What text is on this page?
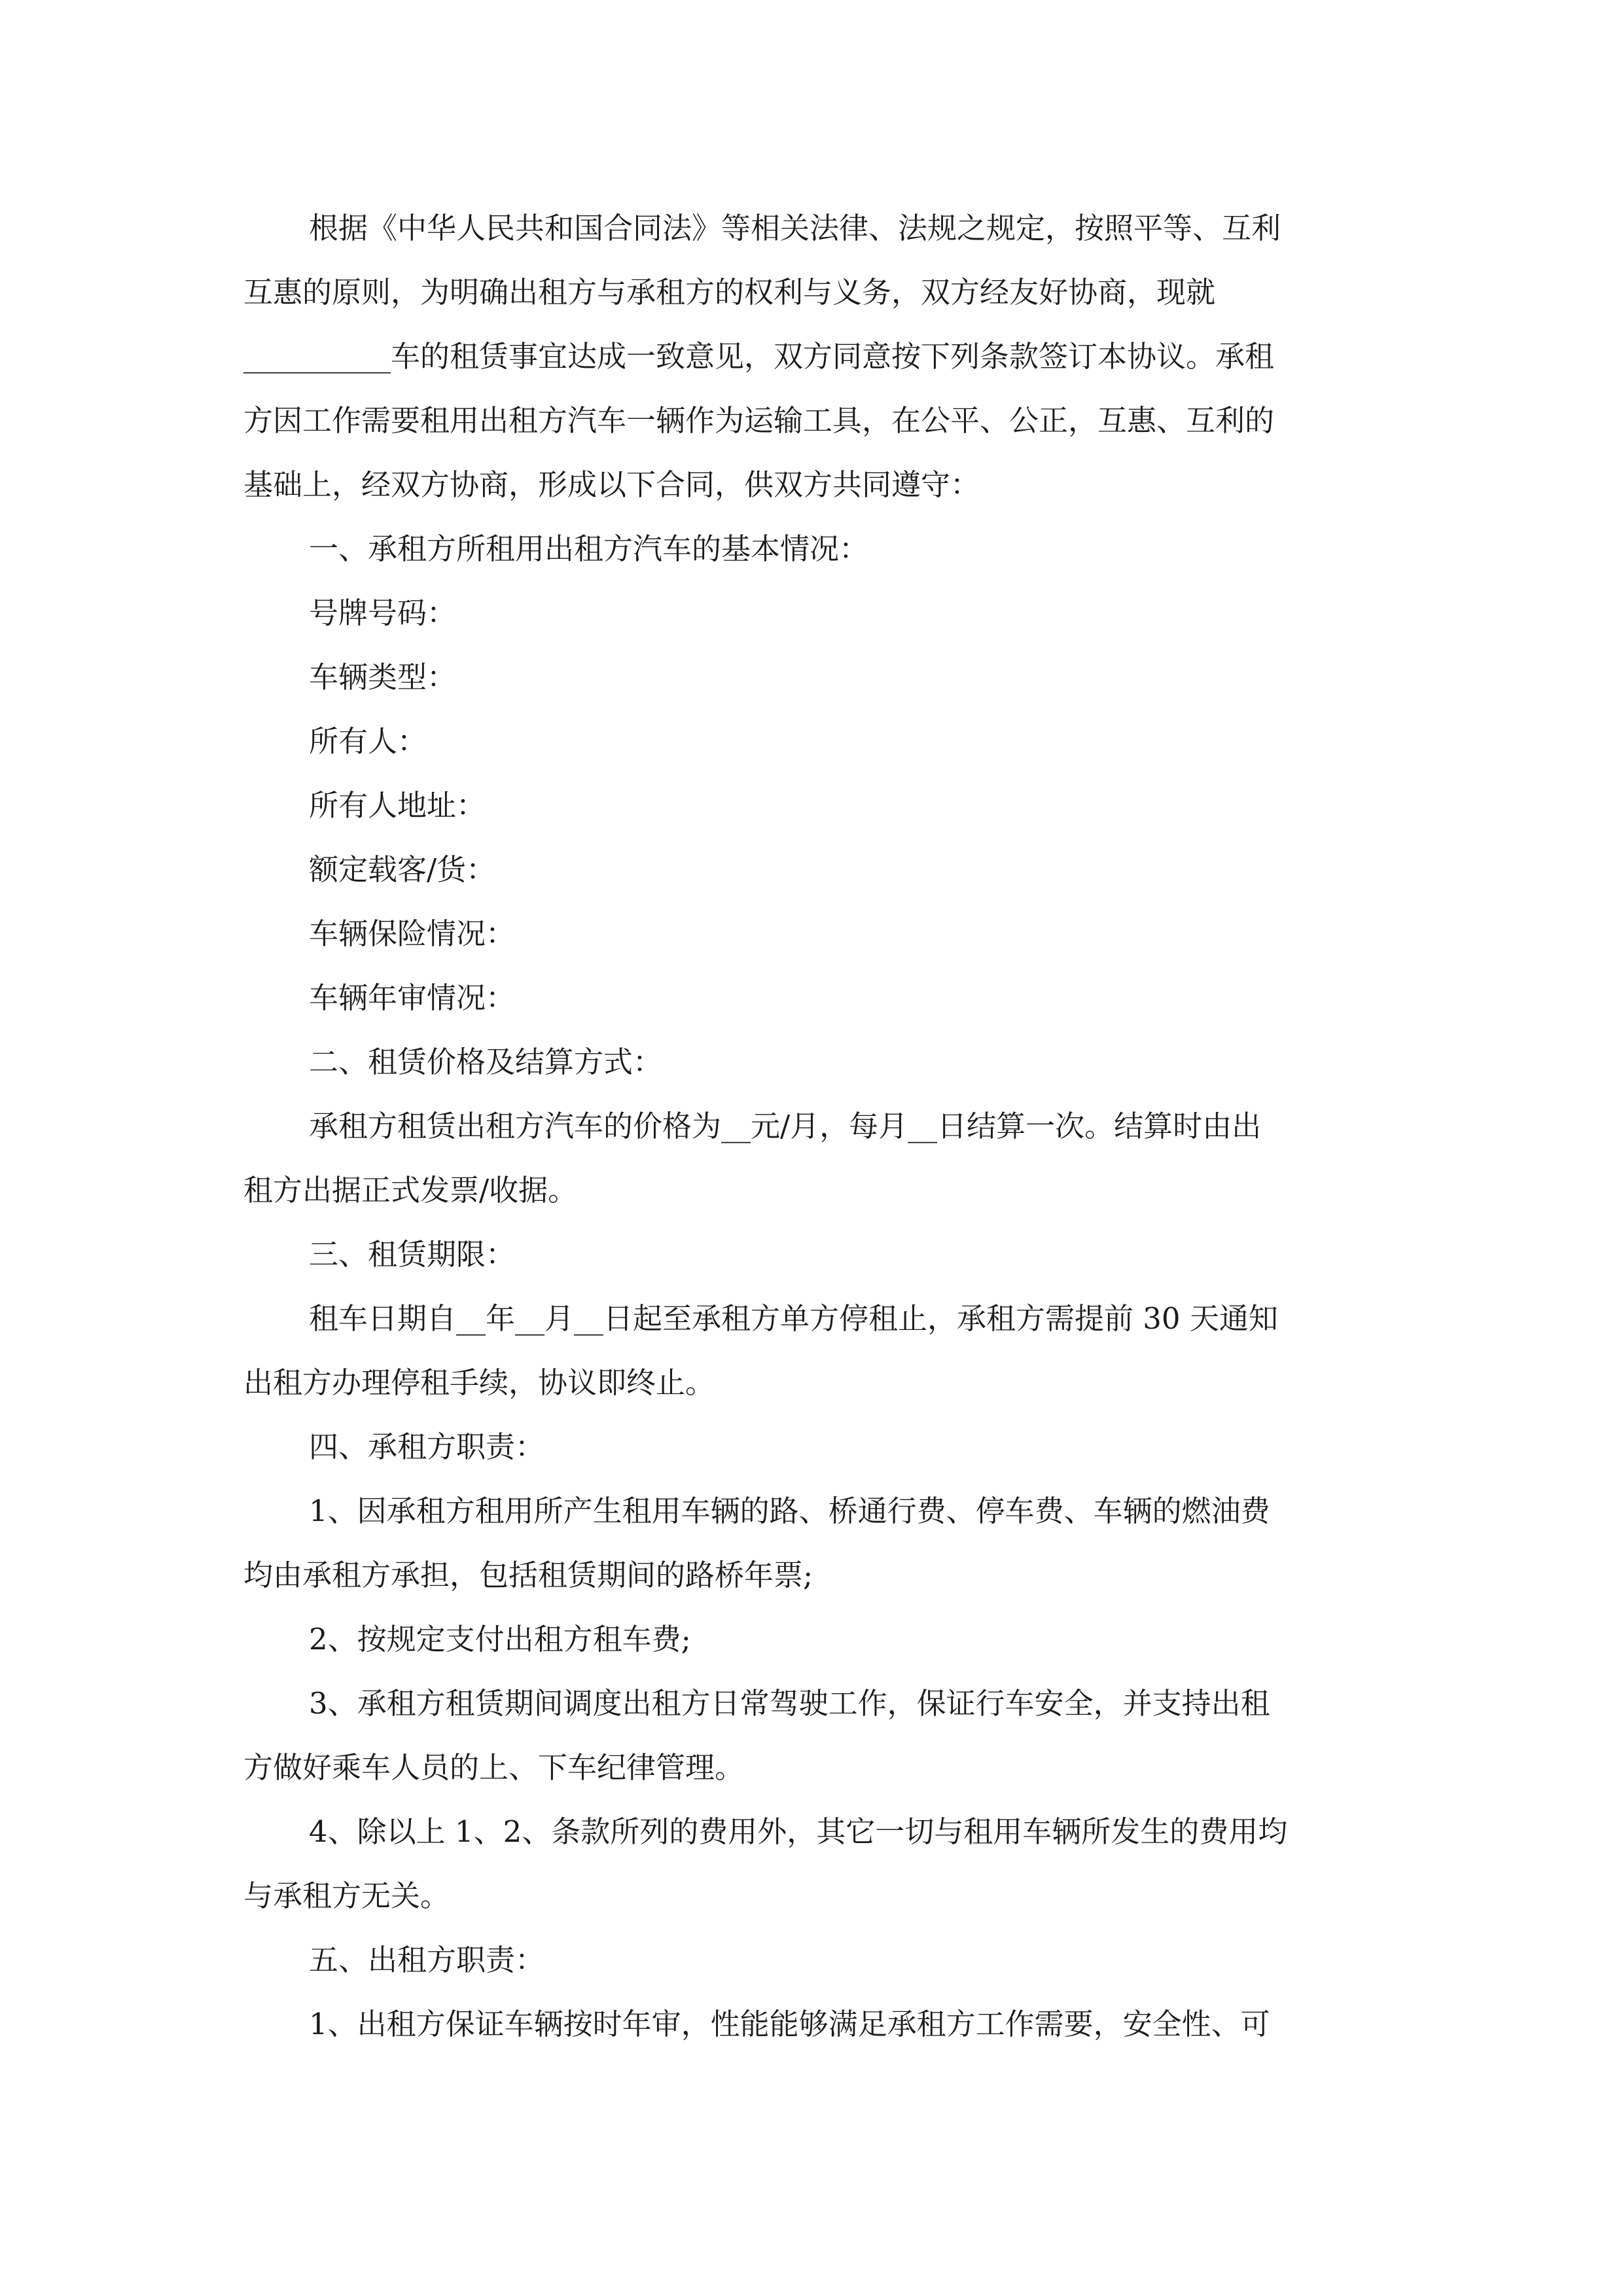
根据《中华人民共和国合同法》等相关法律、法规之规定，按照平等、互利
互惠的原则，为明确出租方与承租方的权利与义务，双方经友好协商，现就
__________车的租赁事宜达成一致意见，双方同意按下列条款签订本协议。承租
方因工作需要租用出租方汽车一辆作为运输工具，在公平、公正，互惠、互利的
基础上，经双方协商，形成以下合同，供双方共同遵守：
一、承租方所租用出租方汽车的基本情况：
号牌号码：
车辆类型：
所有人：
所有人地址：
额定载客/货：
车辆保险情况：
车辆年审情况：
二、租赁价格及结算方式：
承租方租赁出租方汽车的价格为__元/月，每月__日结算一次。结算时由出
租方出据正式发票/收据。
三、租赁期限：
租车日期自__年__月__日起至承租方单方停租止，承租方需提前 30 天通知
出租方办理停租手续，协议即终止。
四、承租方职责：
1、因承租方租用所产生租用车辆的路、桥通行费、停车费、车辆的燃油费
均由承租方承担，包括租赁期间的路桥年票;
2、按规定支付出租方租车费;
3、承租方租赁期间调度出租方日常驾驶工作，保证行车安全，并支持出租
方做好乘车人员的上、下车纪律管理。
4、除以上 1、2、条款所列的费用外，其它一切与租用车辆所发生的费用均
与承租方无关。
五、出租方职责：
1、出租方保证车辆按时年审，性能能够满足承租方工作需要，安全性、可
